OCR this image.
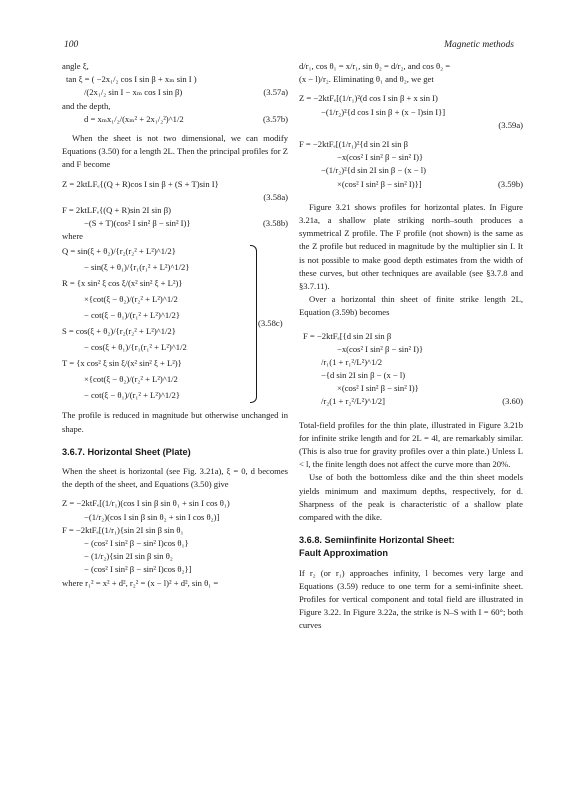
100	Magnetic methods
angle ξ,
tan ξ = ( −2x₁/₂ cos I sin β + xₘ sin I )
/(2x₁/₂ sin I − xₘ cos I sin β)	(3.57a)
and the depth,
d = xₘx₁/₂/(xₘ² + 2x₁/₂²)^1/2	(3.57b)
When the sheet is not two dimensional, we can modify Equations (3.50) for a length 2L. Then the principal profiles for Z and F become
Z = 2ktLFₑ{(Q + R)cos I sin β + (S + T)sin I}
(3.58a)
F = 2ktLFₑ{(Q + R)sin 2I sin β)
−(S + T)(cos² I sin² β − sin² I)}	(3.58b)
where
Q = sin(ξ + θ₂)/{r₂(r₂² + L²)^1/2}
− sin(ξ + θ₁)/{r₁(r₁² + L²)^1/2}
R = {x sin² ξ cos ξ/(x² sin² ξ + L²)}
×{cot(ξ − θ₂)/(r₂² + L²)^1/2
− cot(ξ − θ₁)/(r₁² + L²)^1/2}
S = cos(ξ + θ₂)/{r₂(r₂² + L²)^1/2}
− cos(ξ + θ₁)/{r₁(r₁² + L²)^1/2
T = {x cos² ξ sin ξ/(x² sin² ξ + L²)}
×{cot(ξ − θ₂)/(r₂² + L²)^1/2
− cot(ξ − θ₁)/(r₁² + L²)^1/2}
(3.58c)
The profile is reduced in magnitude but otherwise unchanged in shape.
3.6.7. Horizontal Sheet (Plate)
When the sheet is horizontal (see Fig. 3.21a), ξ = 0, d becomes the depth of the sheet, and Equations (3.50) give
Z = −2ktFₑ[(1/r₁)(cos I sin β sin θ₁ + sin I cos θ₁)
−(1/r₂)(cos I sin β sin θ₂ + sin I cos θ₂)]
F = −2ktFₑ[(1/r₁){sin 2I sin β sin θ₁
− (cos² I sin² β − sin² I)cos θ₁}
− (1/r₂){sin 2I sin β sin θ₂
− (cos² I sin² β − sin² I)cos θ₂}]
where r₁² = x² + d², r₂² = (x − l)² + d², sin θ₁ =
d/r₁, cos θ₁ = x/r₁, sin θ₂ = d/r₂, and cos θ₂ =
(x − l)/r₂. Eliminating θ₁ and θ₂, we get
Z = −2ktFₑ[(1/r₁)²(d cos I sin β + x sin I)
−(1/r₂)²{d cos I sin β + (x − l)sin I}]
(3.59a)
F = −2ktFₑ[(1/r₁)²{d sin 2I sin β
−x(cos² I sin² β − sin² I)}
−(1/r₂)²{d sin 2I sin β − (x − l)
×(cos² I sin² β − sin² I)}]	(3.59b)
Figure 3.21 shows profiles for horizontal plates. In Figure 3.21a, a shallow plate striking north–south produces a symmetrical Z profile. The F profile (not shown) is the same as the Z profile but reduced in magnitude by the multiplier sin I. It is not possible to make good depth estimates from the width of these curves, but other techniques are available (see §3.7.8 and §3.7.11).
Over a horizontal thin sheet of finite strike length 2L, Equation (3.59b) becomes
F = −2ktFₑ[{d sin 2I sin β
−x(cos² I sin² β − sin² I)}
/r₁(1 + r₁²/L²)^1/2
−{d sin 2I sin β − (x − l)
×(cos² I sin² β − sin² I)}
/r₂(1 + r₂²/L²)^1/2]	(3.60)
Total-field profiles for the thin plate, illustrated in Figure 3.21b for infinite strike length and for 2L = 4l, are remarkably similar. (This is also true for gravity profiles over a thin plate.) Unless L < l, the finite length does not affect the curve more than 20%.
Use of both the bottomless dike and the thin sheet models yields minimum and maximum depths, respectively, for d. Sharpness of the peak is characteristic of a shallow plate compared with the dike.
3.6.8. Semiinfinite Horizontal Sheet:
Fault Approximation
If r₂ (or r₁) approaches infinity, l becomes very large and Equations (3.59) reduce to one term for a semi-infinite sheet. Profiles for vertical component and total field are illustrated in Figure 3.22. In Figure 3.22a, the strike is N–S with I = 60°; both curves
